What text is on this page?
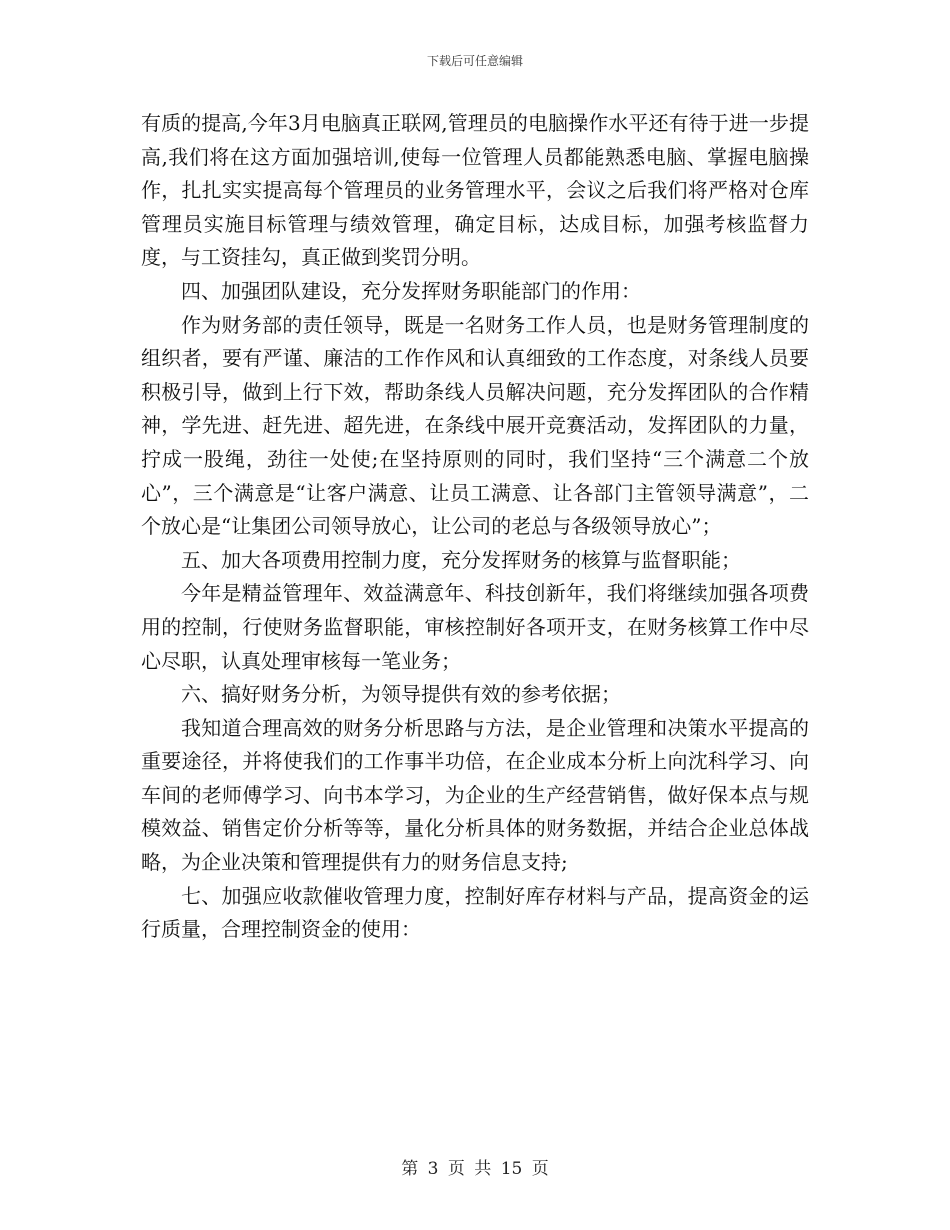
下载后可任意编辑

有质的提高,今年3月电脑真正联网,管理员的电脑操作水平还有待于进一步提高,我们将在这方面加强培训,使每一位管理人员都能熟悉电脑、掌握电脑操作，扎扎实实提高每个管理员的业务管理水平，会议之后我们将严格对仓库管理员实施目标管理与绩效管理，确定目标，达成目标，加强考核监督力度，与工资挂勾，真正做到奖罚分明。

四、加强团队建设，充分发挥财务职能部门的作用：

作为财务部的责任领导，既是一名财务工作人员，也是财务管理制度的组织者，要有严谨、廉洁的工作作风和认真细致的工作态度，对条线人员要积极引导，做到上行下效，帮助条线人员解决问题，充分发挥团队的合作精神，学先进、赶先进、超先进，在条线中展开竞赛活动，发挥团队的力量，拧成一股绳，劲往一处使;在坚持原则的同时，我们坚持“三个满意二个放心”，三个满意是“让客户满意、让员工满意、让各部门主管领导满意”，二个放心是“让集团公司领导放心，让公司的老总与各级领导放心”；

五、加大各项费用控制力度，充分发挥财务的核算与监督职能；

今年是精益管理年、效益满意年、科技创新年，我们将继续加强各项费用的控制，行使财务监督职能，审核控制好各项开支，在财务核算工作中尽心尽职，认真处理审核每一笔业务；

六、搞好财务分析，为领导提供有效的参考依据；

我知道合理高效的财务分析思路与方法，是企业管理和决策水平提高的重要途径，并将使我们的工作事半功倍，在企业成本分析上向沈科学习、向车间的老师傅学习、向书本学习，为企业的生产经营销售，做好保本点与规模效益、销售定价分析等等，量化分析具体的财务数据，并结合企业总体战略，为企业决策和管理提供有力的财务信息支持;

七、加强应收款催收管理力度，控制好库存材料与产品，提高资金的运行质量，合理控制资金的使用：

第 3 页 共 15 页
